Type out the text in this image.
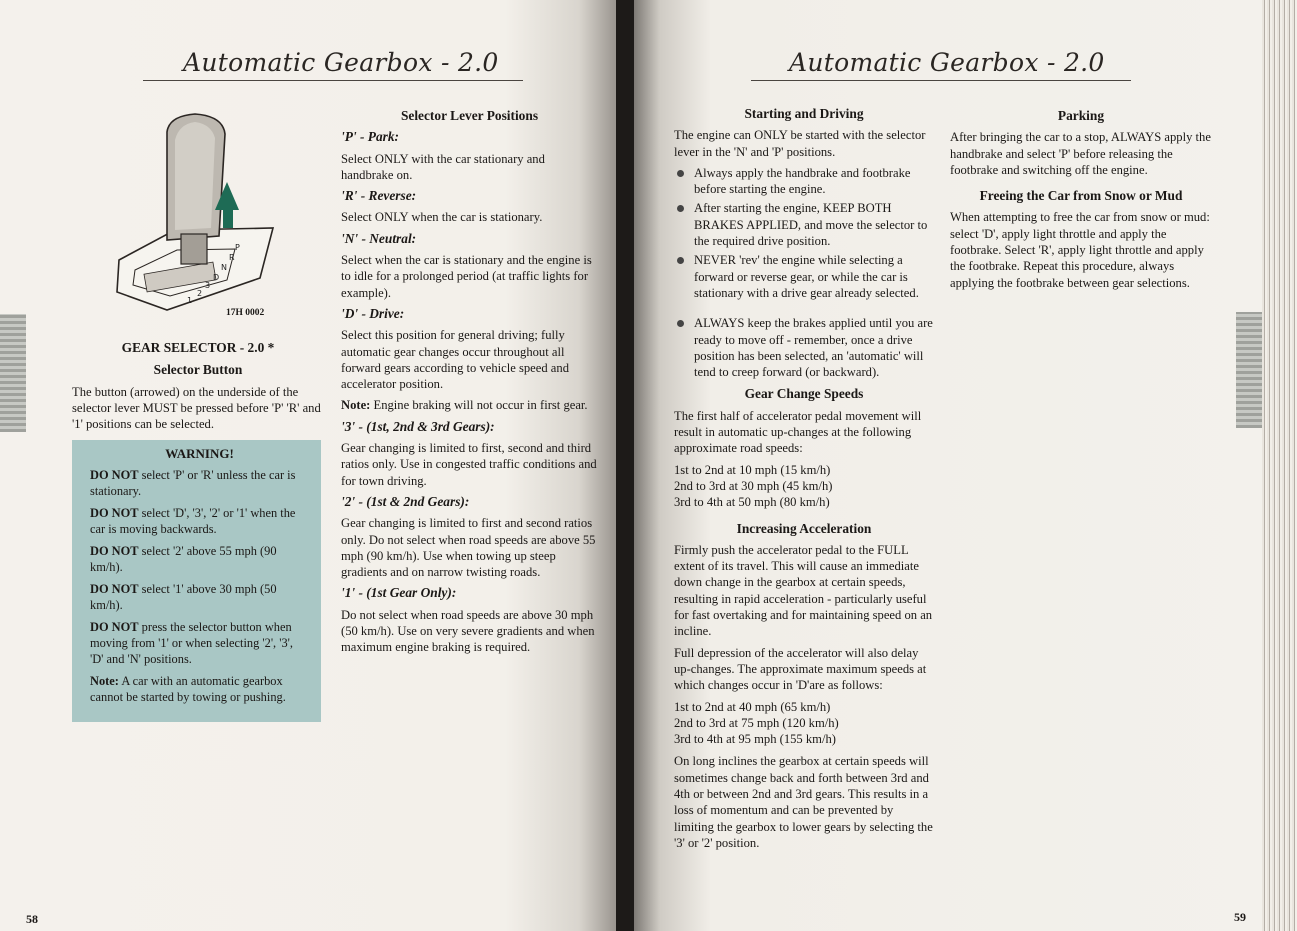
Automatic Gearbox - 2.0
P
R
N
D
3
2
1
17H 0002

GEAR SELECTOR - 2.0 *

Selector Button

The button (arrowed) on the underside of the selector lever MUST be pressed before 'P' 'R' and '1' positions can be selected.

WARNING!

DO NOT select 'P' or 'R' unless the car is stationary.

DO NOT select 'D', '3', '2' or '1' when the car is moving backwards.

DO NOT select '2' above 55 mph (90 km/h).

DO NOT select '1' above 30 mph (50 km/h).

DO NOT press the selector button when moving from '1' or when selecting '2', '3', 'D' and 'N' positions.

Note: A car with an automatic gearbox cannot be started by towing or pushing.

Selector Lever Positions

'P' - Park:

Select ONLY with the car stationary and handbrake on.

'R' - Reverse:

Select ONLY when the car is stationary.

'N' - Neutral:

Select when the car is stationary and the engine is to idle for a prolonged period (at traffic lights for example).

'D' - Drive:

Select this position for general driving; fully automatic gear changes occur throughout all forward gears according to vehicle speed and accelerator position.

Note: Engine braking will not occur in first gear.

'3' - (1st, 2nd & 3rd Gears):

Gear changing is limited to first, second and third ratios only. Use in congested traffic conditions and for town driving.

'2' - (1st & 2nd Gears):

Gear changing is limited to first and second ratios only. Do not select when road speeds are above 55 mph (90 km/h). Use when towing up steep gradients and on narrow twisting roads.

'1' - (1st Gear Only):

Do not select when road speeds are above 30 mph (50 km/h). Use on very severe gradients and when maximum engine braking is required.

58
Automatic Gearbox - 2.0

Starting and Driving

The engine can ONLY be started with the selector lever in the 'N' and 'P' positions.

Always apply the handbrake and footbrake before starting the engine.
After starting the engine, KEEP BOTH BRAKES APPLIED, and move the selector to the required drive position.
NEVER 'rev' the engine while selecting a forward or reverse gear, or while the car is stationary with a drive gear already selected.
ALWAYS keep the brakes applied until you are ready to move off - remember, once a drive position has been selected, an 'automatic' will tend to creep forward (or backward).

Gear Change Speeds

The first half of accelerator pedal movement will result in automatic up-changes at the following approximate road speeds:

1st to 2nd at 10 mph (15 km/h)
2nd to 3rd at 30 mph (45 km/h)
3rd to 4th at 50 mph (80 km/h)

Increasing Acceleration

Firmly push the accelerator pedal to the FULL extent of its travel. This will cause an immediate down change in the gearbox at certain speeds, resulting in rapid acceleration - particularly useful for fast overtaking and for maintaining speed on an incline.

Full depression of the accelerator will also delay up-changes. The approximate maximum speeds at which changes occur in 'D'are as follows:

1st to 2nd at 40 mph (65 km/h)
2nd to 3rd at 75 mph (120 km/h)
3rd to 4th at 95 mph (155 km/h)

On long inclines the gearbox at certain speeds will sometimes change back and forth between 3rd and 4th or between 2nd and 3rd gears. This results in a loss of momentum and can be prevented by limiting the gearbox to lower gears by selecting the '3' or '2' position.

Parking

After bringing the car to a stop, ALWAYS apply the handbrake and select 'P' before releasing the footbrake and switching off the engine.

Freeing the Car from Snow or Mud

When attempting to free the car from snow or mud: select 'D', apply light throttle and apply the footbrake. Select 'R', apply light throttle and apply the footbrake. Repeat this procedure, always applying the footbrake between gear selections.

59
